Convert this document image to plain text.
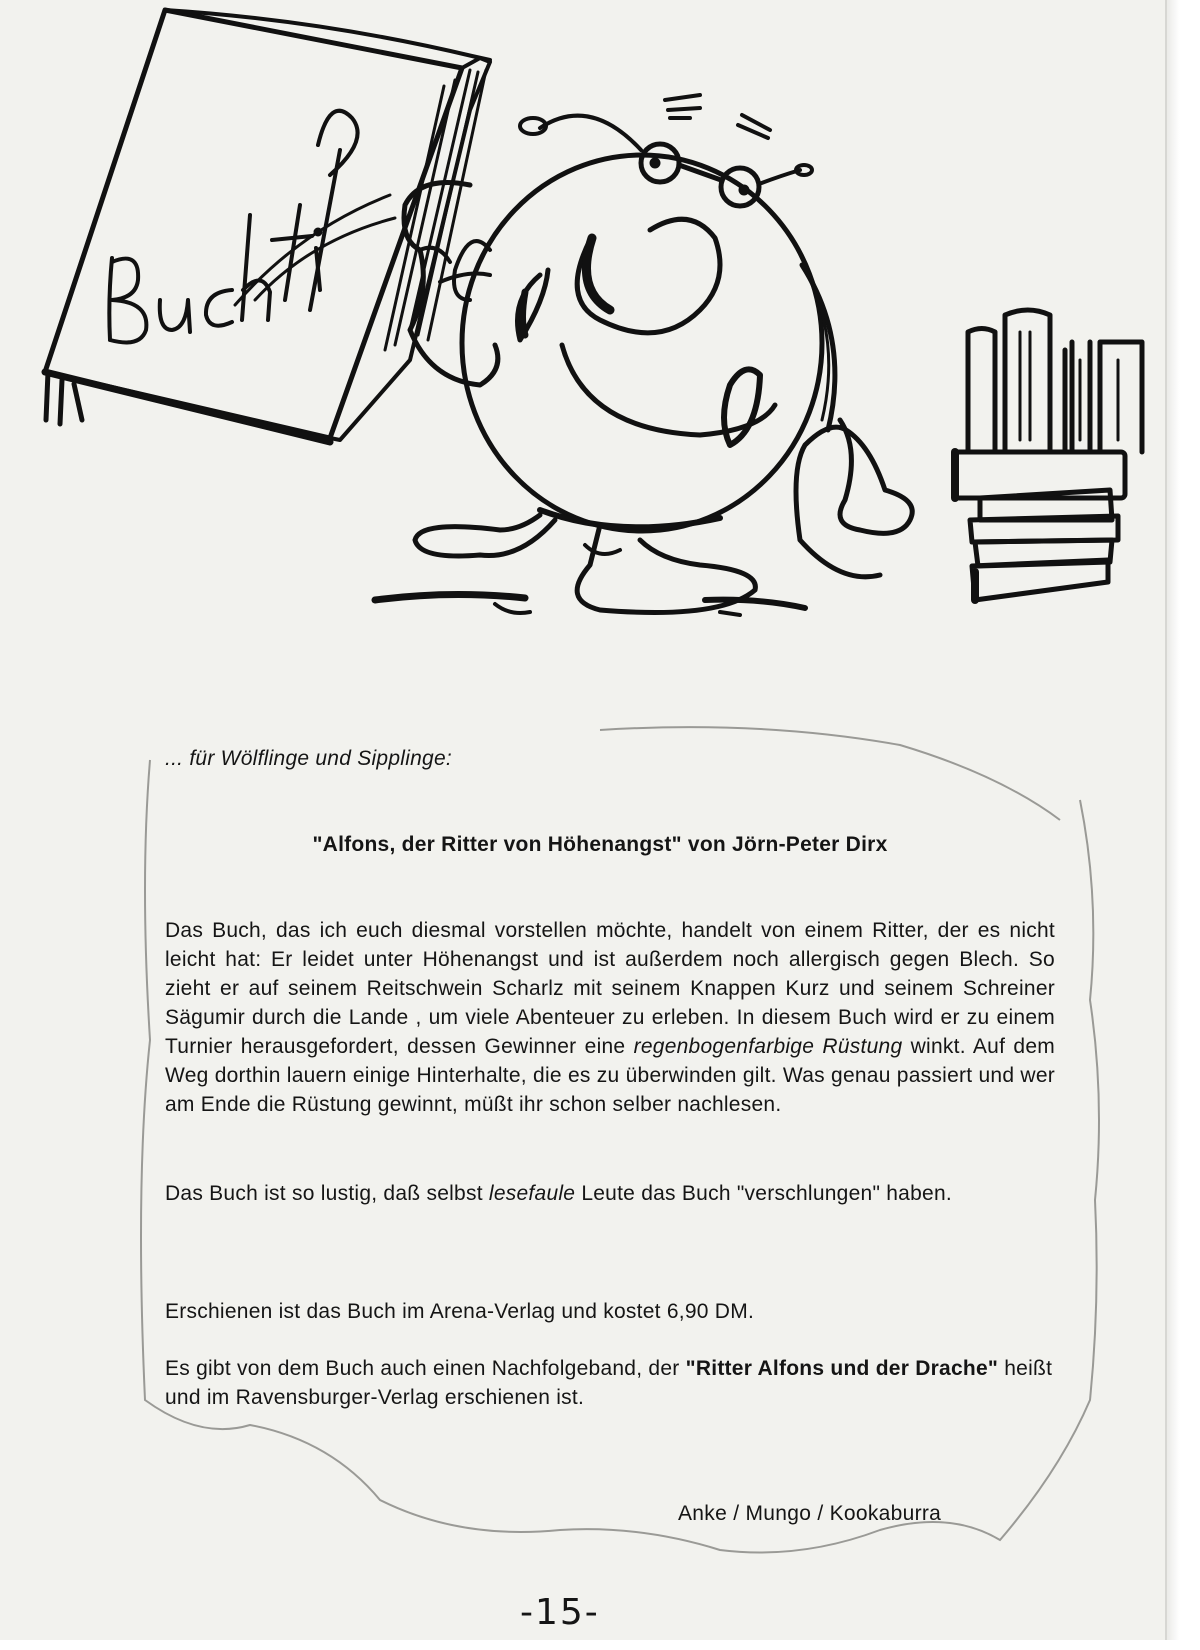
... für Wölflinge und Sipplinge:
"Alfons, der Ritter von Höhenangst" von Jörn-Peter Dirx
Das Buch, das ich euch diesmal vorstellen möchte, handelt von einem Ritter, der es nicht leicht hat: Er leidet unter Höhenangst und ist außerdem noch allergisch gegen Blech. So zieht er auf seinem Reitschwein Scharlz mit seinem Knappen Kurz und seinem Schreiner Sägumir durch die Lande , um viele Abenteuer zu erleben. In diesem Buch wird er zu einem Turnier herausgefordert, dessen Gewinner eine regenbogenfarbige Rüstung winkt. Auf dem Weg dorthin lauern einige Hinterhalte, die es zu überwinden gilt. Was genau passiert und wer am Ende die Rüstung gewinnt, müßt ihr schon selber nachlesen.
Das Buch ist so lustig, daß selbst lesefaule Leute das Buch "verschlungen" haben.
Erschienen ist das Buch im Arena-Verlag und kostet 6,90 DM.
Es gibt von dem Buch auch einen Nachfolgeband, der "Ritter Alfons und der Drache" heißt und im Ravensburger-Verlag erschienen ist.
Anke / Mungo / Kookaburra
-15-
